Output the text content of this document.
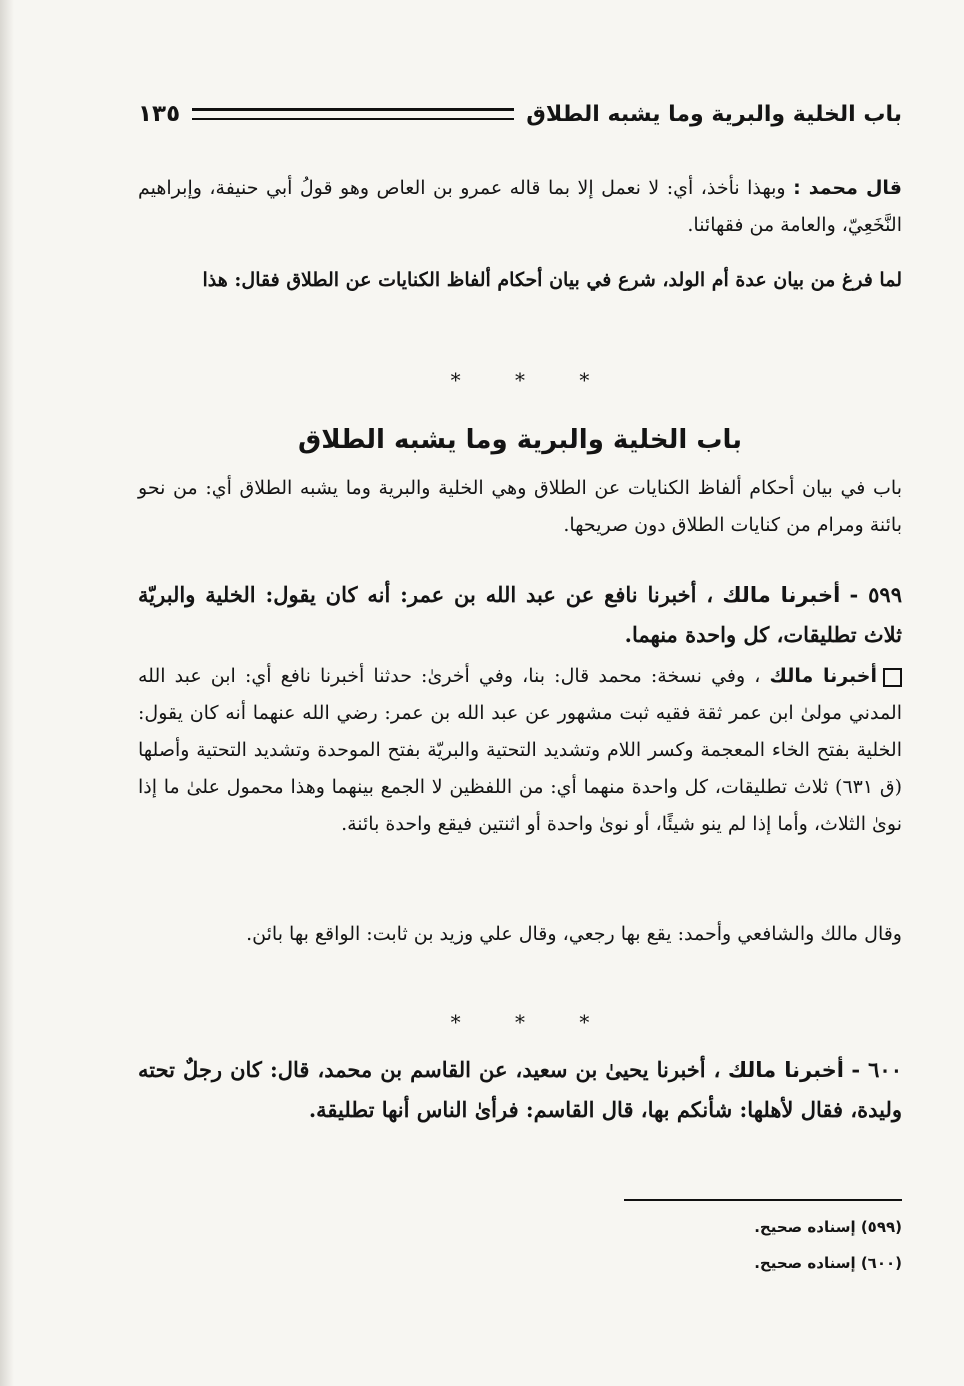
باب الخلية والبرية وما يشبه الطلاق
١٣٥
قال محمد : وبهذا نأخذ، أي: لا نعمل إلا بما قاله عمرو بن العاص وهو قولُ أبي حنيفة، وإبراهيم النَّخَعِيّ، والعامة من فقهائنا.
لما فرغ من بيان عدة أم الولد، شرع في بيان أحكام ألفاظ الكنايات عن الطلاق فقال: هذا
* * *
باب الخلية والبرية وما يشبه الطلاق
باب في بيان أحكام ألفاظ الكنايات عن الطلاق وهي الخلية والبرية وما يشبه الطلاق أي: من نحو بائنة ومرام من كنايات الطلاق دون صريحها.
٥٩٩ - أخبرنا مالك ، أخبرنا نافع عن عبد الله بن عمر: أنه كان يقول: الخلية والبريّة ثلاث تطليقات، كل واحدة منهما.
أخبرنا مالك ، وفي نسخة: محمد قال: بنا، وفي أخرىٰ: حدثنا أخبرنا نافع أي: ابن عبد الله المدني مولىٰ ابن عمر ثقة فقيه ثبت مشهور عن عبد الله بن عمر: رضي الله عنهما أنه كان يقول: الخلية بفتح الخاء المعجمة وكسر اللام وتشديد التحتية والبريّة بفتح الموحدة وتشديد التحتية وأصلها (ق ٦٣١) ثلاث تطليقات، كل واحدة منهما أي: من اللفظين لا الجمع بينهما وهذا محمول علىٰ ما إذا نوىٰ الثلاث، وأما إذا لم ينو شيئًا، أو نوىٰ واحدة أو اثنتين فيقع واحدة بائنة.
وقال مالك والشافعي وأحمد: يقع بها رجعي، وقال علي وزيد بن ثابت: الواقع بها بائن.
* * *
٦٠٠ - أخبرنا مالك ، أخبرنا يحيىٰ بن سعيد، عن القاسم بن محمد، قال: كان رجلٌ تحته وليدة، فقال لأهلها: شأنكم بها، قال القاسم: فرأىٰ الناس أنها تطليقة.
(٥٩٩) إسناده صحيح.
(٦٠٠) إسناده صحيح.
